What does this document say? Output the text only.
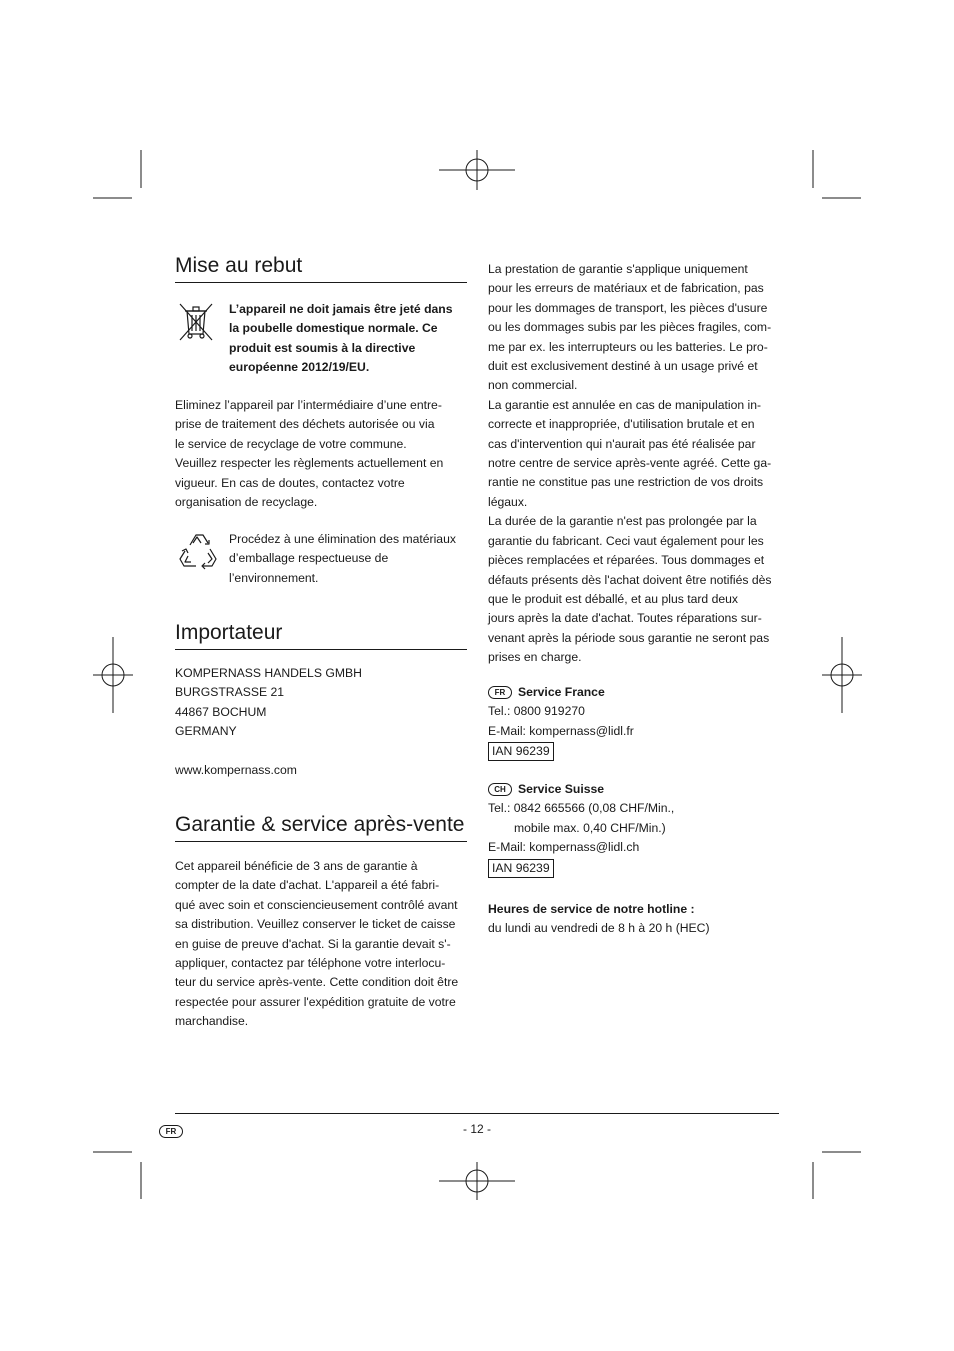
Mise au rebut
L’appareil ne doit jamais être jeté dans
la poubelle domestique normale. Ce
produit est soumis à la directive
européenne 2012/19/EU.
Eliminez l’appareil par l’intermédiaire d’une entre-
prise de traitement des déchets autorisée ou via
le service de recyclage de votre commune.
Veuillez respecter les règlements actuellement en
vigueur. En cas de doutes, contactez votre
organisation de recyclage.
Procédez à une élimination des matériaux
d’emballage respectueuse de
l’environnement.
Importateur
KOMPERNASS HANDELS GMBH
BURGSTRASSE 21
44867 BOCHUM
GERMANY
www.kompernass.com
Garantie & service après-vente
Cet appareil bénéficie de 3 ans de garantie à
compter de la date d'achat. L'appareil a été fabri-
qué avec soin et consciencieusement contrôlé avant
sa distribution. Veuillez conserver le ticket de caisse
en guise de preuve d'achat. Si la garantie devait s'-
appliquer, contactez par téléphone votre interlocu-
teur du service après-vente. Cette condition doit être
respectée pour assurer l'expédition gratuite de votre
marchandise.
La prestation de garantie s'applique uniquement
pour les erreurs de matériaux et de fabrication, pas
pour les dommages de transport, les pièces d'usure
ou les dommages subis par les pièces fragiles, com-
me par ex. les interrupteurs ou les batteries. Le pro-
duit est exclusivement destiné à un usage privé et
non commercial.
La garantie est annulée en cas de manipulation in-
correcte et inappropriée, d'utilisation brutale et en
cas d'intervention qui n'aurait pas été réalisée par
notre centre de service après-vente agréé. Cette ga-
rantie ne constitue pas une restriction de vos droits
légaux.
La durée de la garantie n'est pas prolongée par la
garantie du fabricant. Ceci vaut également pour les
pièces remplacées et réparées. Tous dommages et
défauts présents dès l'achat doivent être notifiés dès
que le produit est déballé, et au plus tard deux
jours après la date d'achat. Toutes réparations sur-
venant après la période sous garantie ne seront pas
prises en charge.
FR Service France
Tel.: 0800 919270
E-Mail: kompernass@lidl.fr
IAN 96239
CH Service Suisse
Tel.: 0842 665566 (0,08 CHF/Min.,
mobile max. 0,40 CHF/Min.)
E-Mail: kompernass@lidl.ch
IAN 96239
Heures de service de notre hotline :
du lundi au vendredi de 8 h à 20 h (HEC)
FR	- 12 -
